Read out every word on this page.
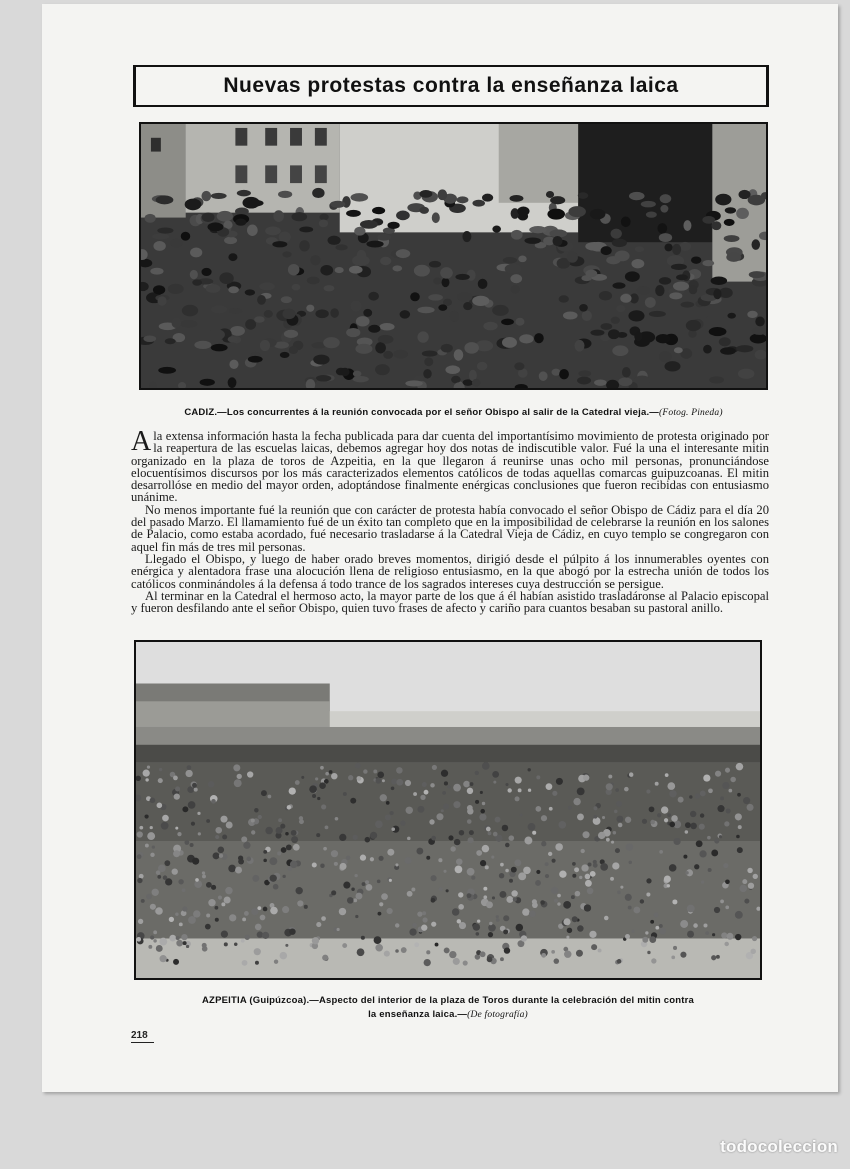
Nuevas protestas contra la enseñanza laica
CADIZ.—Los concurrentes á la reunión convocada por el señor Obispo al salir de la Catedral vieja.—(Fotog. Pineda)

Ala extensa información hasta la fecha publicada para dar cuenta del importantísimo movimiento de protesta originado por la reapertura de las escuelas laicas, debemos agregar hoy dos notas de indiscutible valor. Fué la una el interesante mitin organizado en la plaza de toros de Azpeitia, en la que llegaron á reunirse unas ocho mil personas, pronunciándose elocuentísimos discursos por los más caracterizados elementos católicos de todas aquellas comarcas guipuzcoanas. El mitin desarrollóse en medio del mayor orden, adoptándose finalmente enérgicas conclusiones que fueron recibidas con entusiasmo unánime.

No menos importante fué la reunión que con carácter de protesta había convocado el señor Obispo de Cádiz para el día 20 del pasado Marzo. El llamamiento fué de un éxito tan completo que en la imposibilidad de celebrarse la reunión en los salones de Palacio, como estaba acordado, fué necesario trasladarse á la Catedral Vieja de Cádiz, en cuyo templo se congregaron con aquel fin más de tres mil personas.

Llegado el Obispo, y luego de haber orado breves momentos, dirigió desde el púlpito á los innumerables oyentes con enérgica y alentadora frase una alocución llena de religioso entusiasmo, en la que abogó por la estrecha unión de todos los católicos conminándoles á la defensa á todo trance de los sagrados intereses cuya destrucción se persigue.

Al terminar en la Catedral el hermoso acto, la mayor parte de los que á él habían asistido trasladáronse al Palacio episcopal y fueron desfilando ante el señor Obispo, quien tuvo frases de afecto y cariño para cuantos besaban su pastoral anillo.

AZPEITIA (Guipúzcoa).—Aspecto del interior de la plaza de Toros durante la celebración del mitin contra
la enseñanza laica.—(De fotografía)
218
todocoleccion
